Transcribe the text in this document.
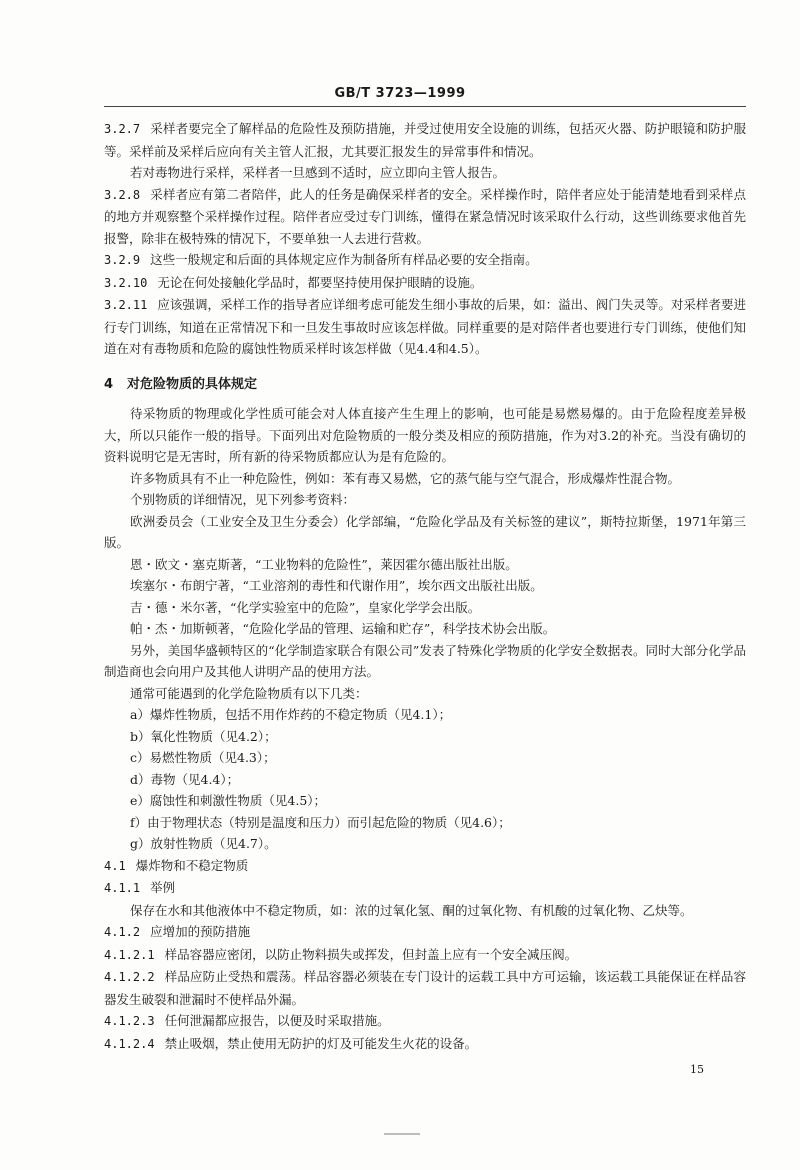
GB/T 3723—1999

3.2.7 采样者要完全了解样品的危险性及预防措施，并受过使用安全设施的训练，包括灭火器、防护眼镜和防护服等。采样前及采样后应向有关主管人汇报，尤其要汇报发生的异常事件和情况。

若对毒物进行采样，采样者一旦感到不适时，应立即向主管人报告。

3.2.8 采样者应有第二者陪伴，此人的任务是确保采样者的安全。采样操作时，陪伴者应处于能清楚地看到采样点的地方并观察整个采样操作过程。陪伴者应受过专门训练，懂得在紧急情况时该采取什么行动，这些训练要求他首先报警，除非在极特殊的情况下，不要单独一人去进行营救。

3.2.9 这些一般规定和后面的具体规定应作为制备所有样品必要的安全指南。

3.2.10 无论在何处接触化学品时，都要坚持使用保护眼睛的设施。

3.2.11 应该强调，采样工作的指导者应详细考虑可能发生细小事故的后果，如：溢出、阀门失灵等。对采样者要进行专门训练，知道在正常情况下和一旦发生事故时应该怎样做。同样重要的是对陪伴者也要进行专门训练，使他们知道在对有毒物质和危险的腐蚀性物质采样时该怎样做（见4.4和4.5）。

4 对危险物质的具体规定

待采物质的物理或化学性质可能会对人体直接产生生理上的影响，也可能是易燃易爆的。由于危险程度差异极大，所以只能作一般的指导。下面列出对危险物质的一般分类及相应的预防措施，作为对3.2的补充。当没有确切的资料说明它是无害时，所有新的待采物质都应认为是有危险的。

许多物质具有不止一种危险性，例如：苯有毒又易燃，它的蒸气能与空气混合，形成爆炸性混合物。

个别物质的详细情况，见下列参考资料：

欧洲委员会（工业安全及卫生分委会）化学部编，“危险化学品及有关标签的建议”，斯特拉斯堡，1971年第三版。

恩・欧文・塞克斯著，“工业物料的危险性”，莱因霍尔德出版社出版。

埃塞尔・布朗宁著，“工业溶剂的毒性和代谢作用”，埃尔西文出版社出版。

吉・德・米尔著，“化学实验室中的危险”，皇家化学学会出版。

帕・杰・加斯顿著，“危险化学品的管理、运输和贮存”，科学技术协会出版。

另外，美国华盛顿特区的“化学制造家联合有限公司”发表了特殊化学物质的化学安全数据表。同时大部分化学品制造商也会向用户及其他人讲明产品的使用方法。

通常可能遇到的化学危险物质有以下几类：

a）爆炸性物质，包括不用作炸药的不稳定物质（见4.1）；

b）氧化性物质（见4.2）；

c）易燃性物质（见4.3）；

d）毒物（见4.4）；

e）腐蚀性和刺激性物质（见4.5）；

f）由于物理状态（特别是温度和压力）而引起危险的物质（见4.6）；

g）放射性物质（见4.7）。

4.1 爆炸物和不稳定物质

4.1.1 举例

保存在水和其他液体中不稳定物质，如：浓的过氧化氢、酮的过氧化物、有机酸的过氧化物、乙炔等。

4.1.2 应增加的预防措施

4.1.2.1 样品容器应密闭，以防止物料损失或挥发，但封盖上应有一个安全减压阀。

4.1.2.2 样品应防止受热和震荡。样品容器必须装在专门设计的运载工具中方可运输，该运载工具能保证在样品容器发生破裂和泄漏时不使样品外漏。

4.1.2.3 任何泄漏都应报告，以便及时采取措施。

4.1.2.4 禁止吸烟，禁止使用无防护的灯及可能发生火花的设备。

15
